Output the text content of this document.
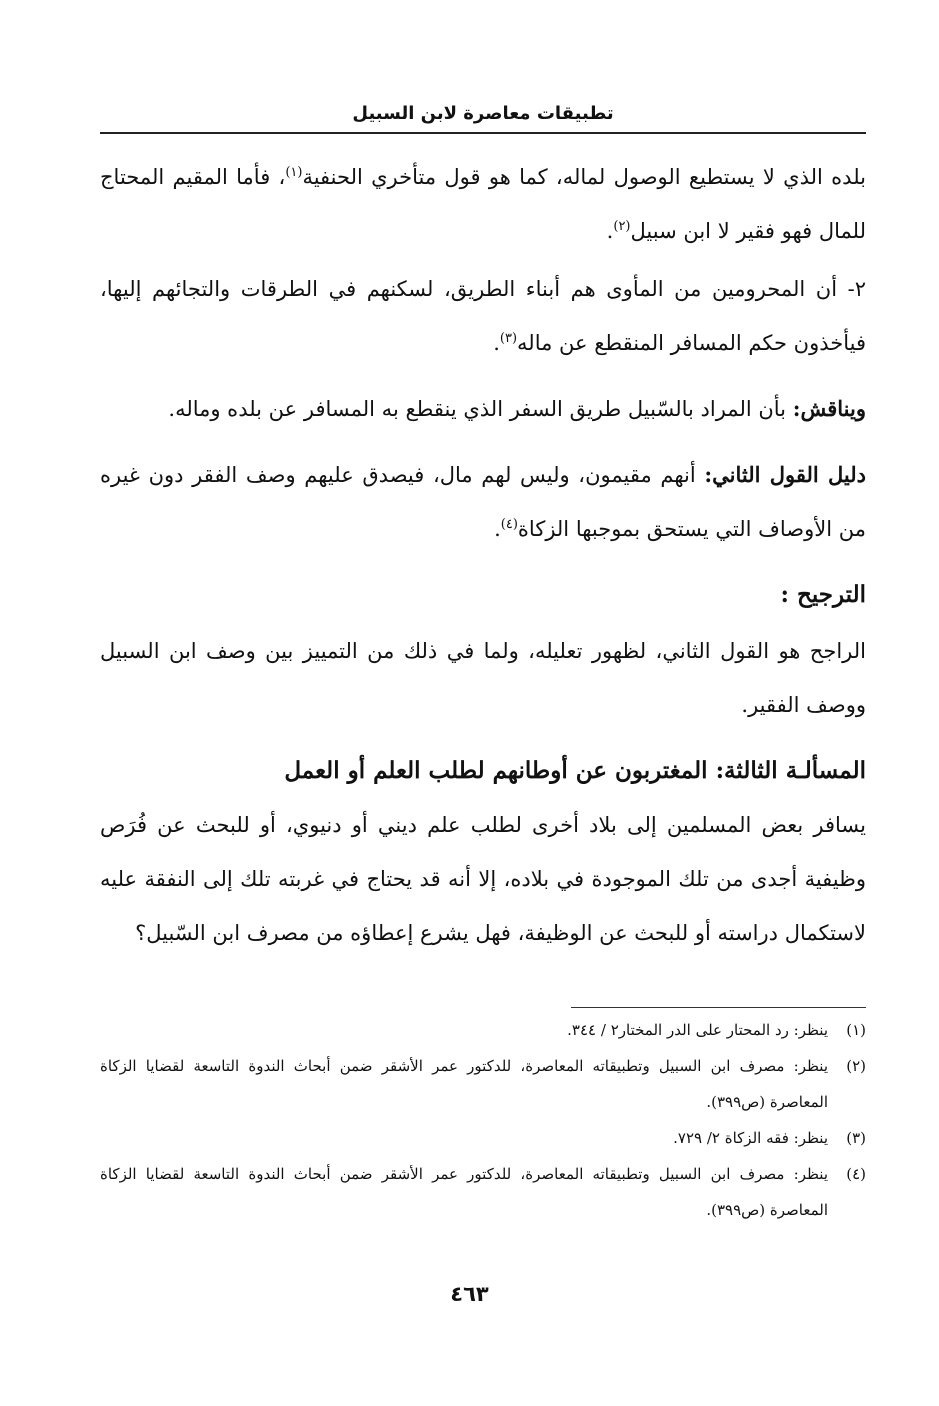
تطبيقات معاصرة لابن السبيل

بلده الذي لا يستطيع الوصول لماله، كما هو قول متأخري الحنفية$^{(١)}$، فأما المقيم المحتاج للمال فهو فقير لا ابن سبيل$^{(٢)}$.

٢- أن المحرومين من المأوى هم أبناء الطريق، لسكنهم في الطرقات والتجائهم إليها، فيأخذون حكم المسافر المنقطع عن ماله$^{(٣)}$.

ويناقش: بأن المراد بالسّبيل طريق السفر الذي ينقطع به المسافر عن بلده وماله.

دليل القول الثاني: أنهم مقيمون، وليس لهم مال، فيصدق عليهم وصف الفقر دون غيره من الأوصاف التي يستحق بموجبها الزكاة$^{(٤)}$.

الترجيح :

الراجح هو القول الثاني، لظهور تعليله، ولما في ذلك من التمييز بين وصف ابن السبيل ووصف الفقير.

المسألـة الثالثة: المغتربون عن أوطانهم لطلب العلم أو العمل

يسافر بعض المسلمين إلى بلاد أخرى لطلب علم ديني أو دنيوي، أو للبحث عن فُرَص وظيفية أجدى من تلك الموجودة في بلاده، إلا أنه قد يحتاج في غربته تلك إلى النفقة عليه لاستكمال دراسته أو للبحث عن الوظيفة، فهل يشرع إعطاؤه من مصرف ابن السّبيل؟

(١)
ينظر: رد المحتار على الدر المختار٢ / ٣٤٤.
(٢)
ينظر: مصرف ابن السبيل وتطبيقاته المعاصرة، للدكتور عمر الأشقر ضمن أبحاث الندوة التاسعة لقضايا الزكاة المعاصرة (ص٣٩٩).
(٣)
ينظر: فقه الزكاة ٢/ ٧٢٩.
(٤)
ينظر: مصرف ابن السبيل وتطبيقاته المعاصرة، للدكتور عمر الأشقر ضمن أبحاث الندوة التاسعة لقضايا الزكاة المعاصرة (ص٣٩٩).
٤٦٣
